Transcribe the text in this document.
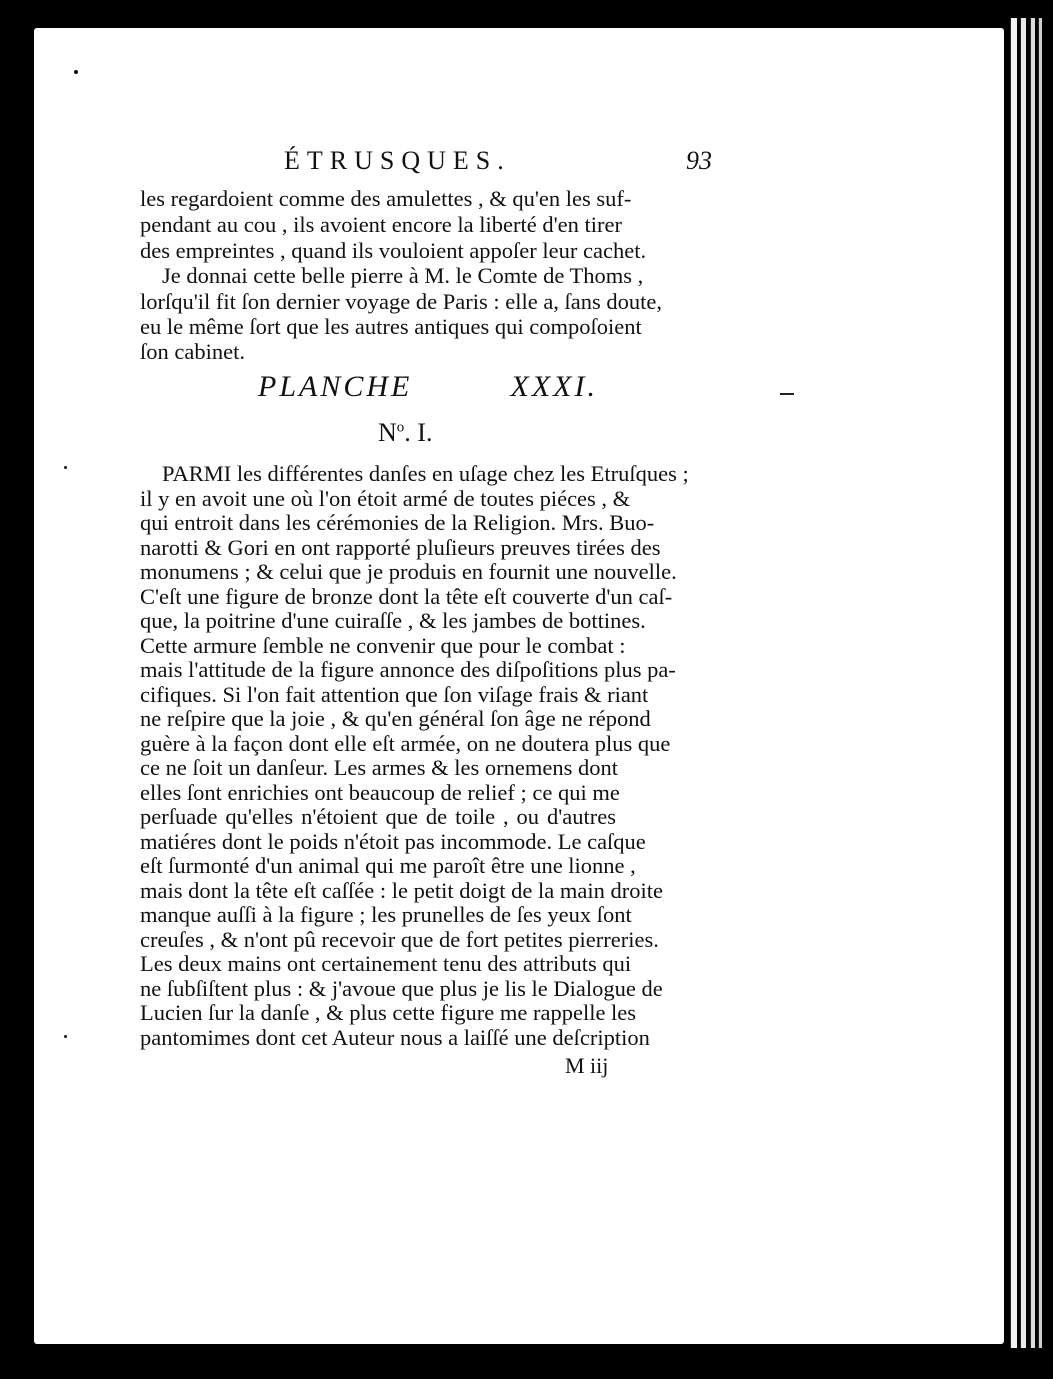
ÉTRUSQUES.	93
les regardoient comme des amulettes , & qu'en les suf-
pendant au cou , ils avoient encore la liberté d'en tirer
des empreintes , quand ils vouloient appoſer leur cachet.
Je donnai cette belle pierre à M. le Comte de Thoms ,
lorſqu'il fit ſon dernier voyage de Paris : elle a, ſans doute,
eu le même ſort que les autres antiques qui compoſoient
ſon cabinet.
PLANCHE XXXI.
$N^o$. I.
PARMI les différentes danſes en uſage chez les Etruſques ;
il y en avoit une où l'on étoit armé de toutes piéces , &
qui entroit dans les cérémonies de la Religion. Mrs. Buo-
narotti & Gori en ont rapporté pluſieurs preuves tirées des
monumens ; & celui que je produis en fournit une nouvelle.
C'eſt une figure de bronze dont la tête eſt couverte d'un caſ-
que, la poitrine d'une cuiraſſe , & les jambes de bottines.
Cette armure ſemble ne convenir que pour le combat :
mais l'attitude de la figure annonce des diſpoſitions plus pa-
cifiques. Si l'on fait attention que ſon viſage frais & riant
ne reſpire que la joie , & qu'en général ſon âge ne répond
guère à la façon dont elle eſt armée, on ne doutera plus que
ce ne ſoit un danſeur. Les armes & les ornemens dont
elles ſont enrichies ont beaucoup de relief ; ce qui me
perſuade qu'elles n'étoient que de toile , ou d'autres
matiéres dont le poids n'étoit pas incommode. Le caſque
eſt ſurmonté d'un animal qui me paroît être une lionne ,
mais dont la tête eſt caſſée : le petit doigt de la main droite
manque auſſi à la figure ; les prunelles de ſes yeux ſont
creuſes , & n'ont pû recevoir que de fort petites pierreries.
Les deux mains ont certainement tenu des attributs qui
ne ſubſiſtent plus : & j'avoue que plus je lis le Dialogue de
Lucien ſur la danſe , & plus cette figure me rappelle les
pantomimes dont cet Auteur nous a laiſſé une deſcription
M iij
